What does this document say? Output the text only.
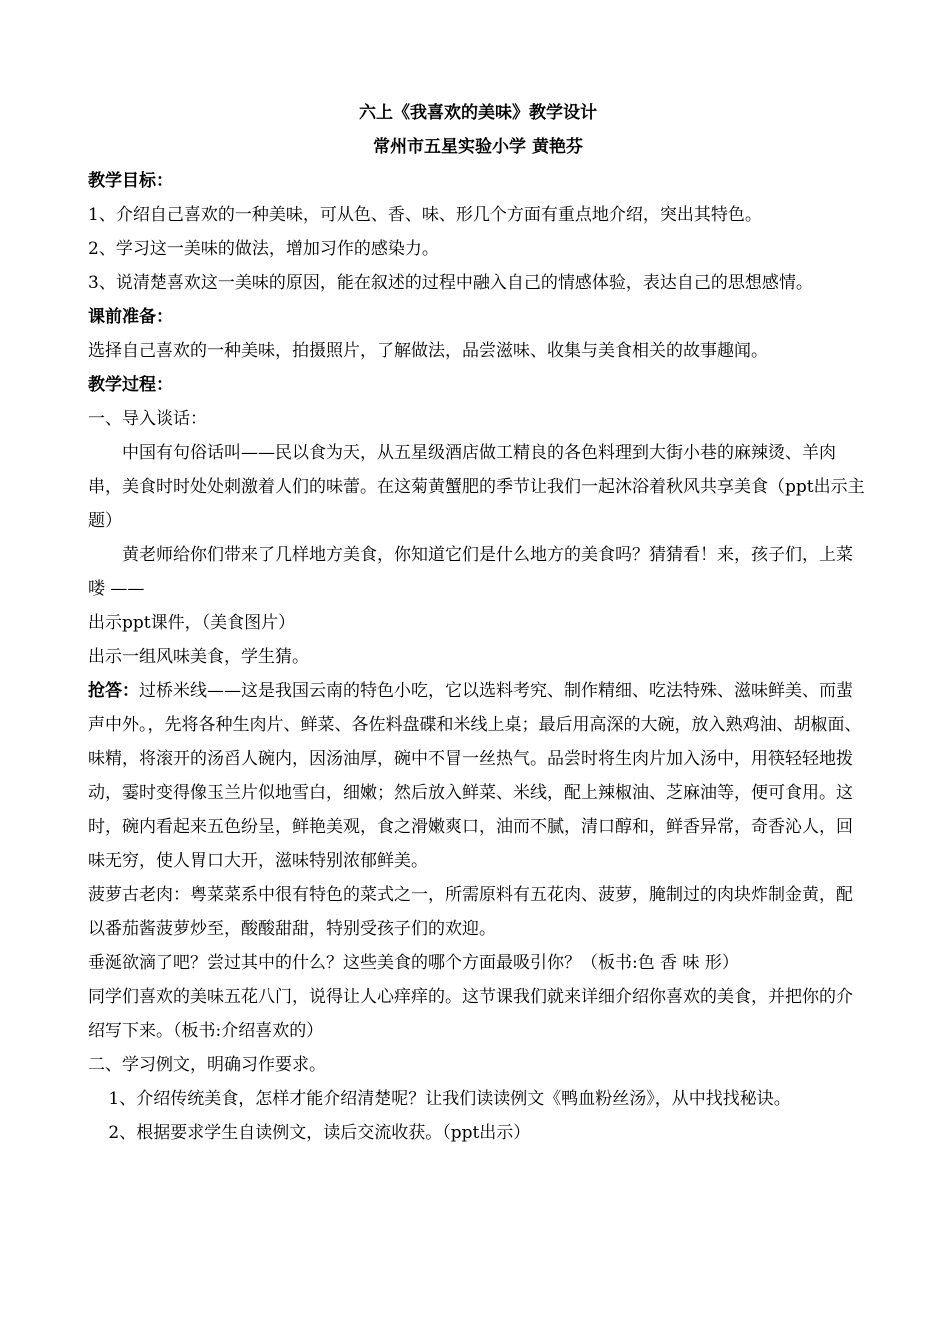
六上《我喜欢的美味》教学设计

常州市五星实验小学 黄艳芬

教学目标：

1、介绍自己喜欢的一种美味，可从色、香、味、形几个方面有重点地介绍，突出其特色。

2、学习这一美味的做法，增加习作的感染力。

3、说清楚喜欢这一美味的原因，能在叙述的过程中融入自己的情感体验，表达自己的思想感情。

课前准备：

选择自己喜欢的一种美味，拍摄照片，了解做法，品尝滋味、收集与美食相关的故事趣闻。

教学过程：

一、导入谈话：

中国有句俗话叫——民以食为天，从五星级酒店做工精良的各色料理到大街小巷的麻辣烫、羊肉串，美食时时处处刺激着人们的味蕾。在这菊黄蟹肥的季节让我们一起沐浴着秋风共享美食（ppt出示主题）

黄老师给你们带来了几样地方美食，你知道它们是什么地方的美食吗？猜猜看！来，孩子们，上菜喽 ——

出示ppt课件，（美食图片）

出示一组风味美食，学生猜。

抢答：过桥米线——这是我国云南的特色小吃，它以选料考究、制作精细、吃法特殊、滋味鲜美、而蜚声中外。，先将各种生肉片、鲜菜、各佐料盘碟和米线上桌；最后用高深的大碗，放入熟鸡油、胡椒面、味精，将滚开的汤舀人碗内，因汤油厚，碗中不冒一丝热气。品尝时将生肉片加入汤中，用筷轻轻地拨动，霎时变得像玉兰片似地雪白，细嫩；然后放入鲜菜、米线，配上辣椒油、芝麻油等，便可食用。这时，碗内看起来五色纷呈，鲜艳美观，食之滑嫩爽口，油而不腻，清口醇和，鲜香异常，奇香沁人，回味无穷，使人胃口大开，滋味特别浓郁鲜美。

菠萝古老肉：粤菜菜系中很有特色的菜式之一，所需原料有五花肉、菠萝，腌制过的肉块炸制金黄，配以番茄酱菠萝炒至，酸酸甜甜，特别受孩子们的欢迎。

垂涎欲滴了吧？尝过其中的什么？这些美食的哪个方面最吸引你？（板书:色 香 味 形）

同学们喜欢的美味五花八门，说得让人心痒痒的。这节课我们就来详细介绍你喜欢的美食，并把你的介绍写下来。（板书:介绍喜欢的）

二、学习例文，明确习作要求。

1、介绍传统美食，怎样才能介绍清楚呢？让我们读读例文《鸭血粉丝汤》，从中找找秘诀。

2、根据要求学生自读例文，读后交流收获。（ppt出示）
